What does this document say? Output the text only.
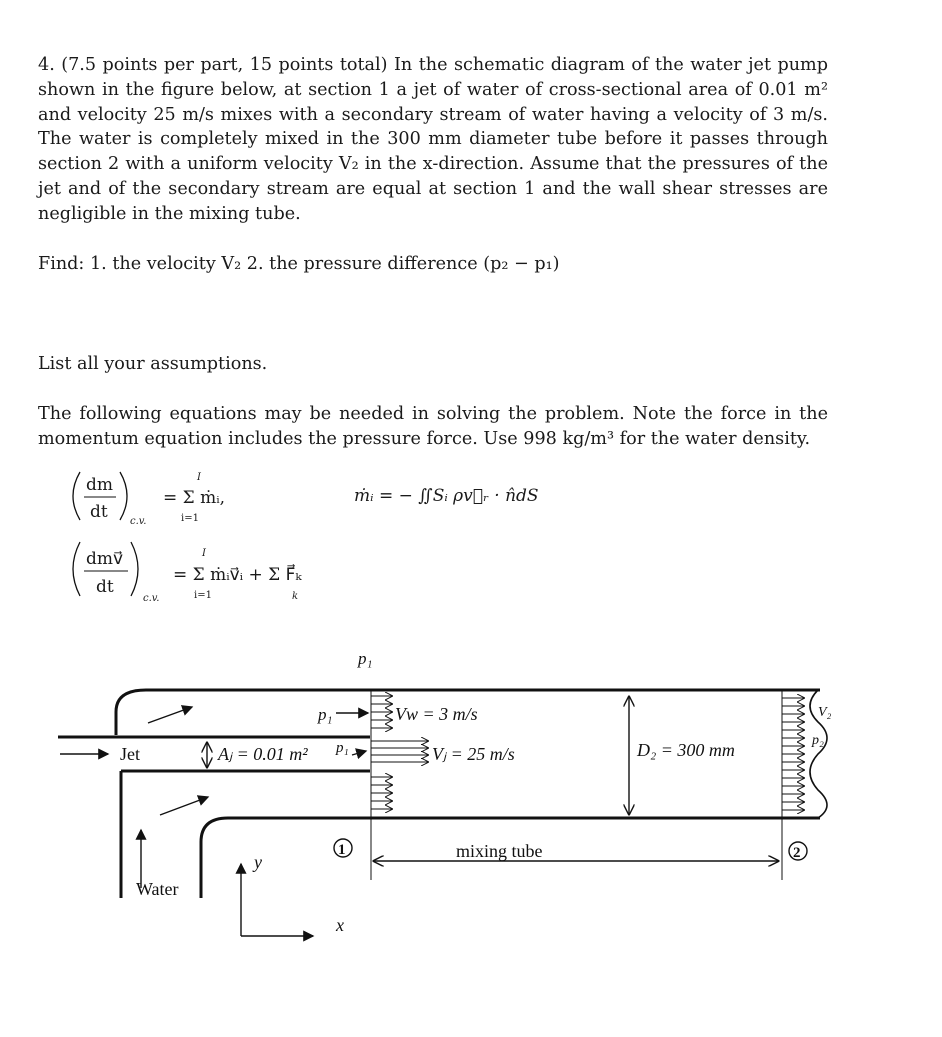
4. (7.5 points per part, 15 points total) In the schematic diagram of the water jet pump shown in the figure below, at section 1 a jet of water of cross-sectional area of 0.01 m² and velocity 25 m/s mixes with a secondary stream of water having a velocity of 3 m/s. The water is completely mixed in the 300 mm diameter tube before it passes through section 2 with a uniform velocity V₂ in the x-direction. Assume that the pressures of the jet and of the secondary stream are equal at section 1 and the wall shear stresses are negligible in the mixing tube.

Find: 1. the velocity V₂ 2. the pressure difference (p₂ − p₁)

List all your assumptions.

The following equations may be needed in solving the problem. Note the force in the momentum equation includes the pressure force. Use 998 kg/m³ for the water density.

dm
dt c.v.
I
= Σ ṁᵢ,
i=1
ṁᵢ = − ∬Sᵢ ρv⃗ᵣ · n̂dS
dmv⃗
dt
c.v.
I
= Σ ṁᵢv⃗ᵢ + Σ F⃗ₖ
i=1	k
1	2
p₁
p₁
p₁
Vw = 3 m/s
Vⱼ = 25 m/s
Jet	Aⱼ = 0.01 m²	D₂ = 300 mm
V₂
p₂
mixing tube
Water
y
x
